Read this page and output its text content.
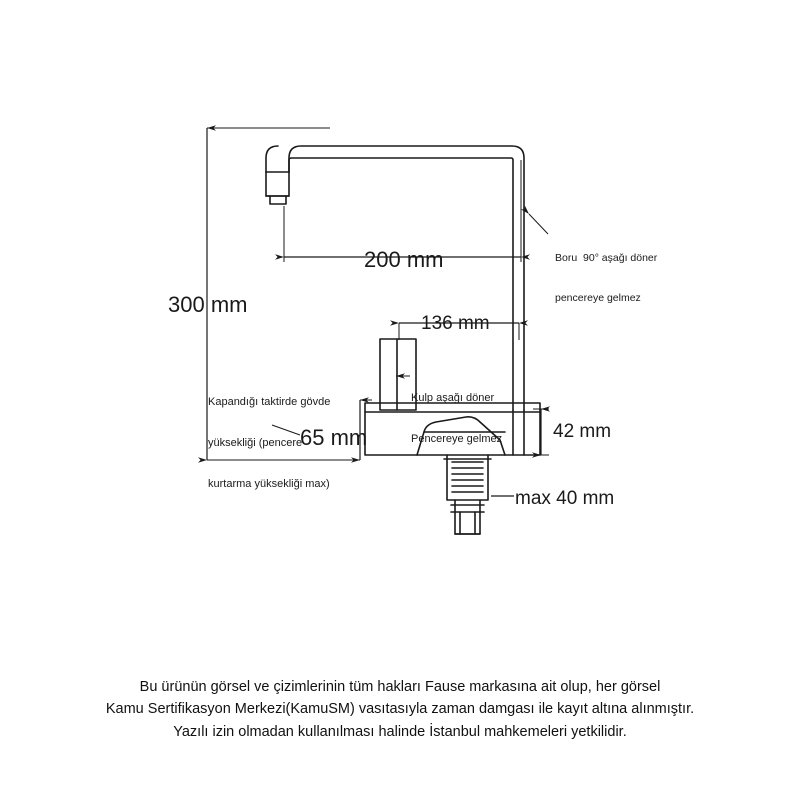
300 mm
200 mm
136 mm
65 mm	42 mm
max 40 mm

Boru  90° aşağı döner

pencereye gelmez

Kapandığı taktirde gövde

yüksekliği (pencere

kurtarma yüksekliği max)

Kulp aşağı döner

Pencereye gelmez

Bu ürünün görsel ve çizimlerinin tüm hakları Fause markasına ait olup, her görsel
Kamu Sertifikasyon Merkezi(KamuSM) vasıtasıyla zaman damgası ile kayıt altına alınmıştır.
Yazılı izin olmadan kullanılması halinde İstanbul mahkemeleri yetkilidir.
